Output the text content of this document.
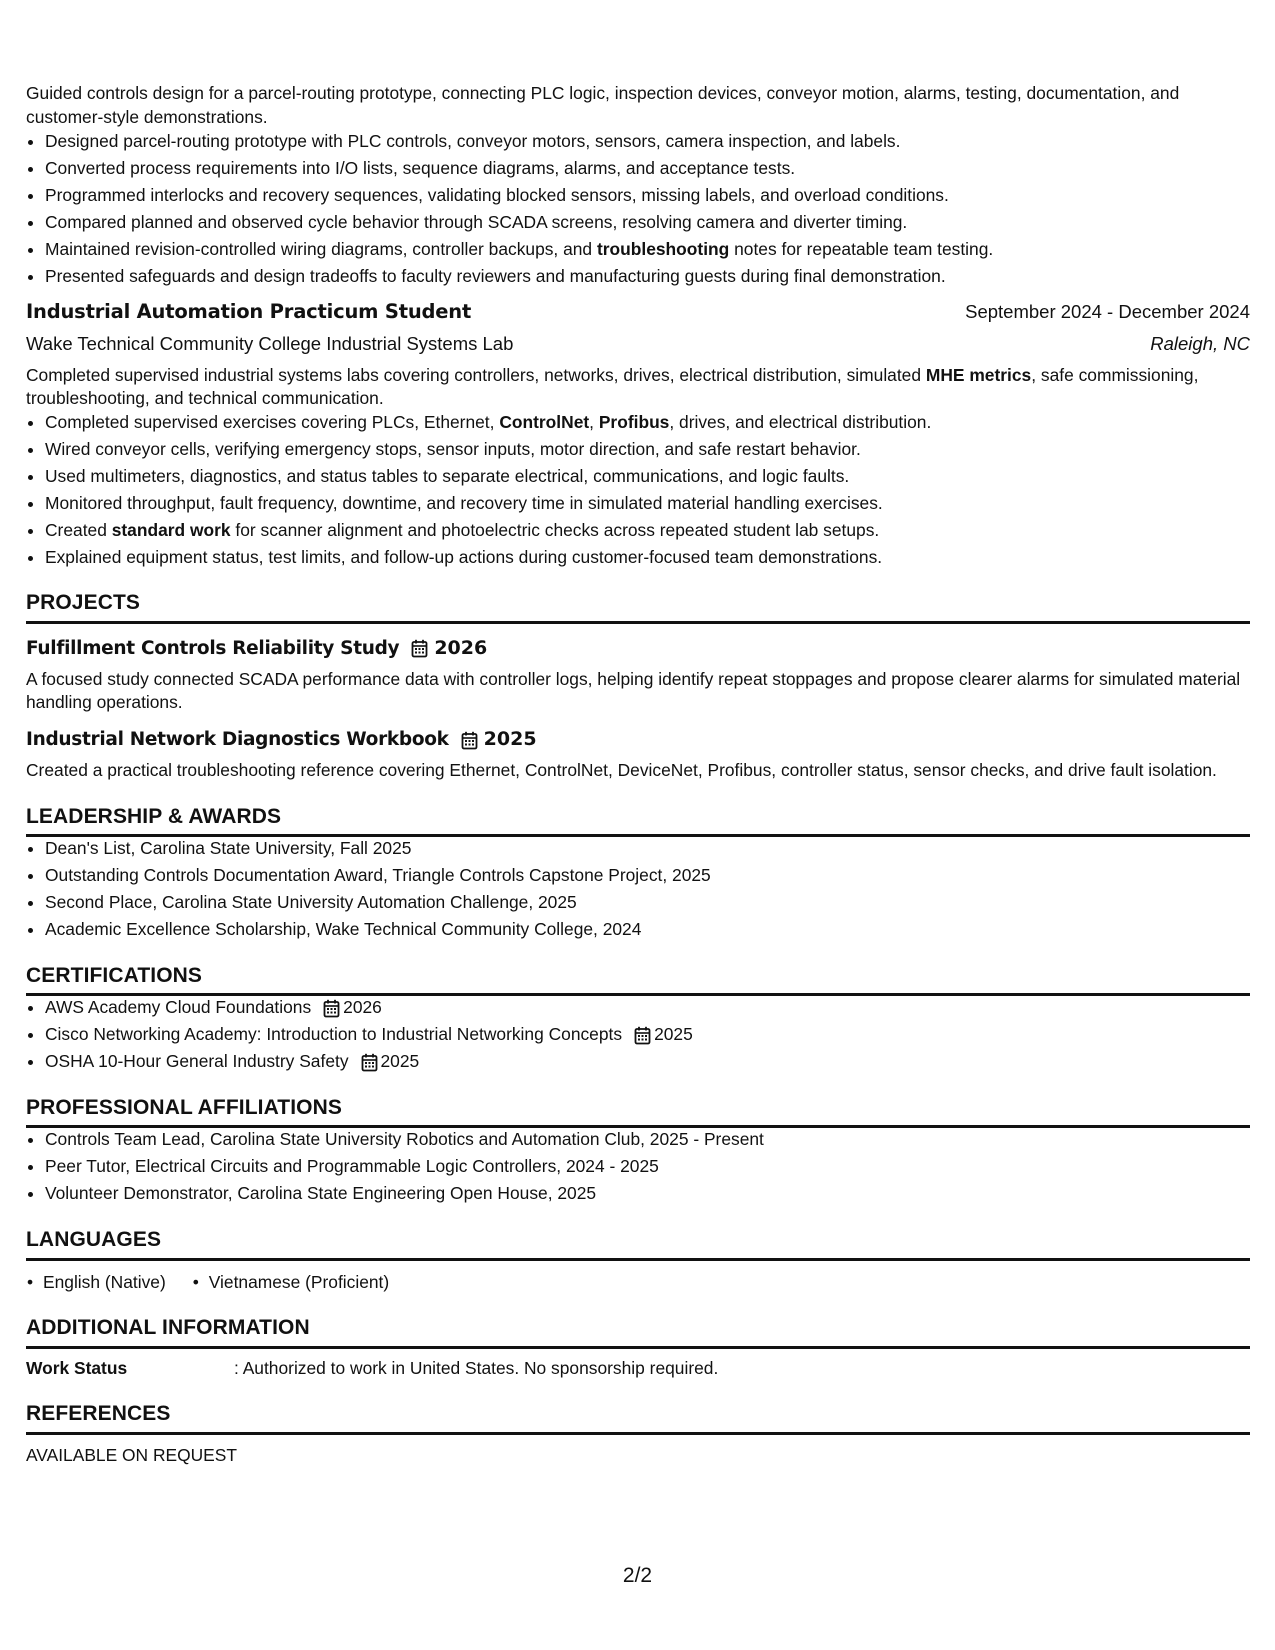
Guided controls design for a parcel-routing prototype, connecting PLC logic, inspection devices, conveyor motion, alarms, testing, documentation, and customer-style demonstrations.
• Designed parcel-routing prototype with PLC controls, conveyor motors, sensors, camera inspection, and labels.
• Converted process requirements into I/O lists, sequence diagrams, alarms, and acceptance tests.
• Programmed interlocks and recovery sequences, validating blocked sensors, missing labels, and overload conditions.
• Compared planned and observed cycle behavior through SCADA screens, resolving camera and diverter timing.
• Maintained revision-controlled wiring diagrams, controller backups, and troubleshooting notes for repeatable team testing.
• Presented safeguards and design tradeoffs to faculty reviewers and manufacturing guests during final demonstration.
Industrial Automation Practicum Student	September 2024 - December 2024
Wake Technical Community College Industrial Systems Lab	Raleigh, NC
Completed supervised industrial systems labs covering controllers, networks, drives, electrical distribution, simulated MHE metrics, safe commissioning, troubleshooting, and technical communication.
• Completed supervised exercises covering PLCs, Ethernet, ControlNet, Profibus, drives, and electrical distribution.
• Wired conveyor cells, verifying emergency stops, sensor inputs, motor direction, and safe restart behavior.
• Used multimeters, diagnostics, and status tables to separate electrical, communications, and logic faults.
• Monitored throughput, fault frequency, downtime, and recovery time in simulated material handling exercises.
• Created standard work for scanner alignment and photoelectric checks across repeated student lab setups.
• Explained equipment status, test limits, and follow-up actions during customer-focused team demonstrations.
PROJECTS
Fulfillment Controls Reliability Study 2026
A focused study connected SCADA performance data with controller logs, helping identify repeat stoppages and propose clearer alarms for simulated material handling operations.
Industrial Network Diagnostics Workbook 2025
Created a practical troubleshooting reference covering Ethernet, ControlNet, DeviceNet, Profibus, controller status, sensor checks, and drive fault isolation.
LEADERSHIP & AWARDS
• Dean's List, Carolina State University, Fall 2025
• Outstanding Controls Documentation Award, Triangle Controls Capstone Project, 2025
• Second Place, Carolina State University Automation Challenge, 2025
• Academic Excellence Scholarship, Wake Technical Community College, 2024
CERTIFICATIONS
• AWS Academy Cloud Foundations 2026
• Cisco Networking Academy: Introduction to Industrial Networking Concepts 2025
• OSHA 10-Hour General Industry Safety 2025
PROFESSIONAL AFFILIATIONS
• Controls Team Lead, Carolina State University Robotics and Automation Club, 2025 - Present
• Peer Tutor, Electrical Circuits and Programmable Logic Controllers, 2024 - 2025
• Volunteer Demonstrator, Carolina State Engineering Open House, 2025
LANGUAGES
• English (Native)
•	Vietnamese (Proficient)
ADDITIONAL INFORMATION
Work Status	: Authorized to work in United States. No sponsorship required.
REFERENCES
AVAILABLE ON REQUEST
2/2
